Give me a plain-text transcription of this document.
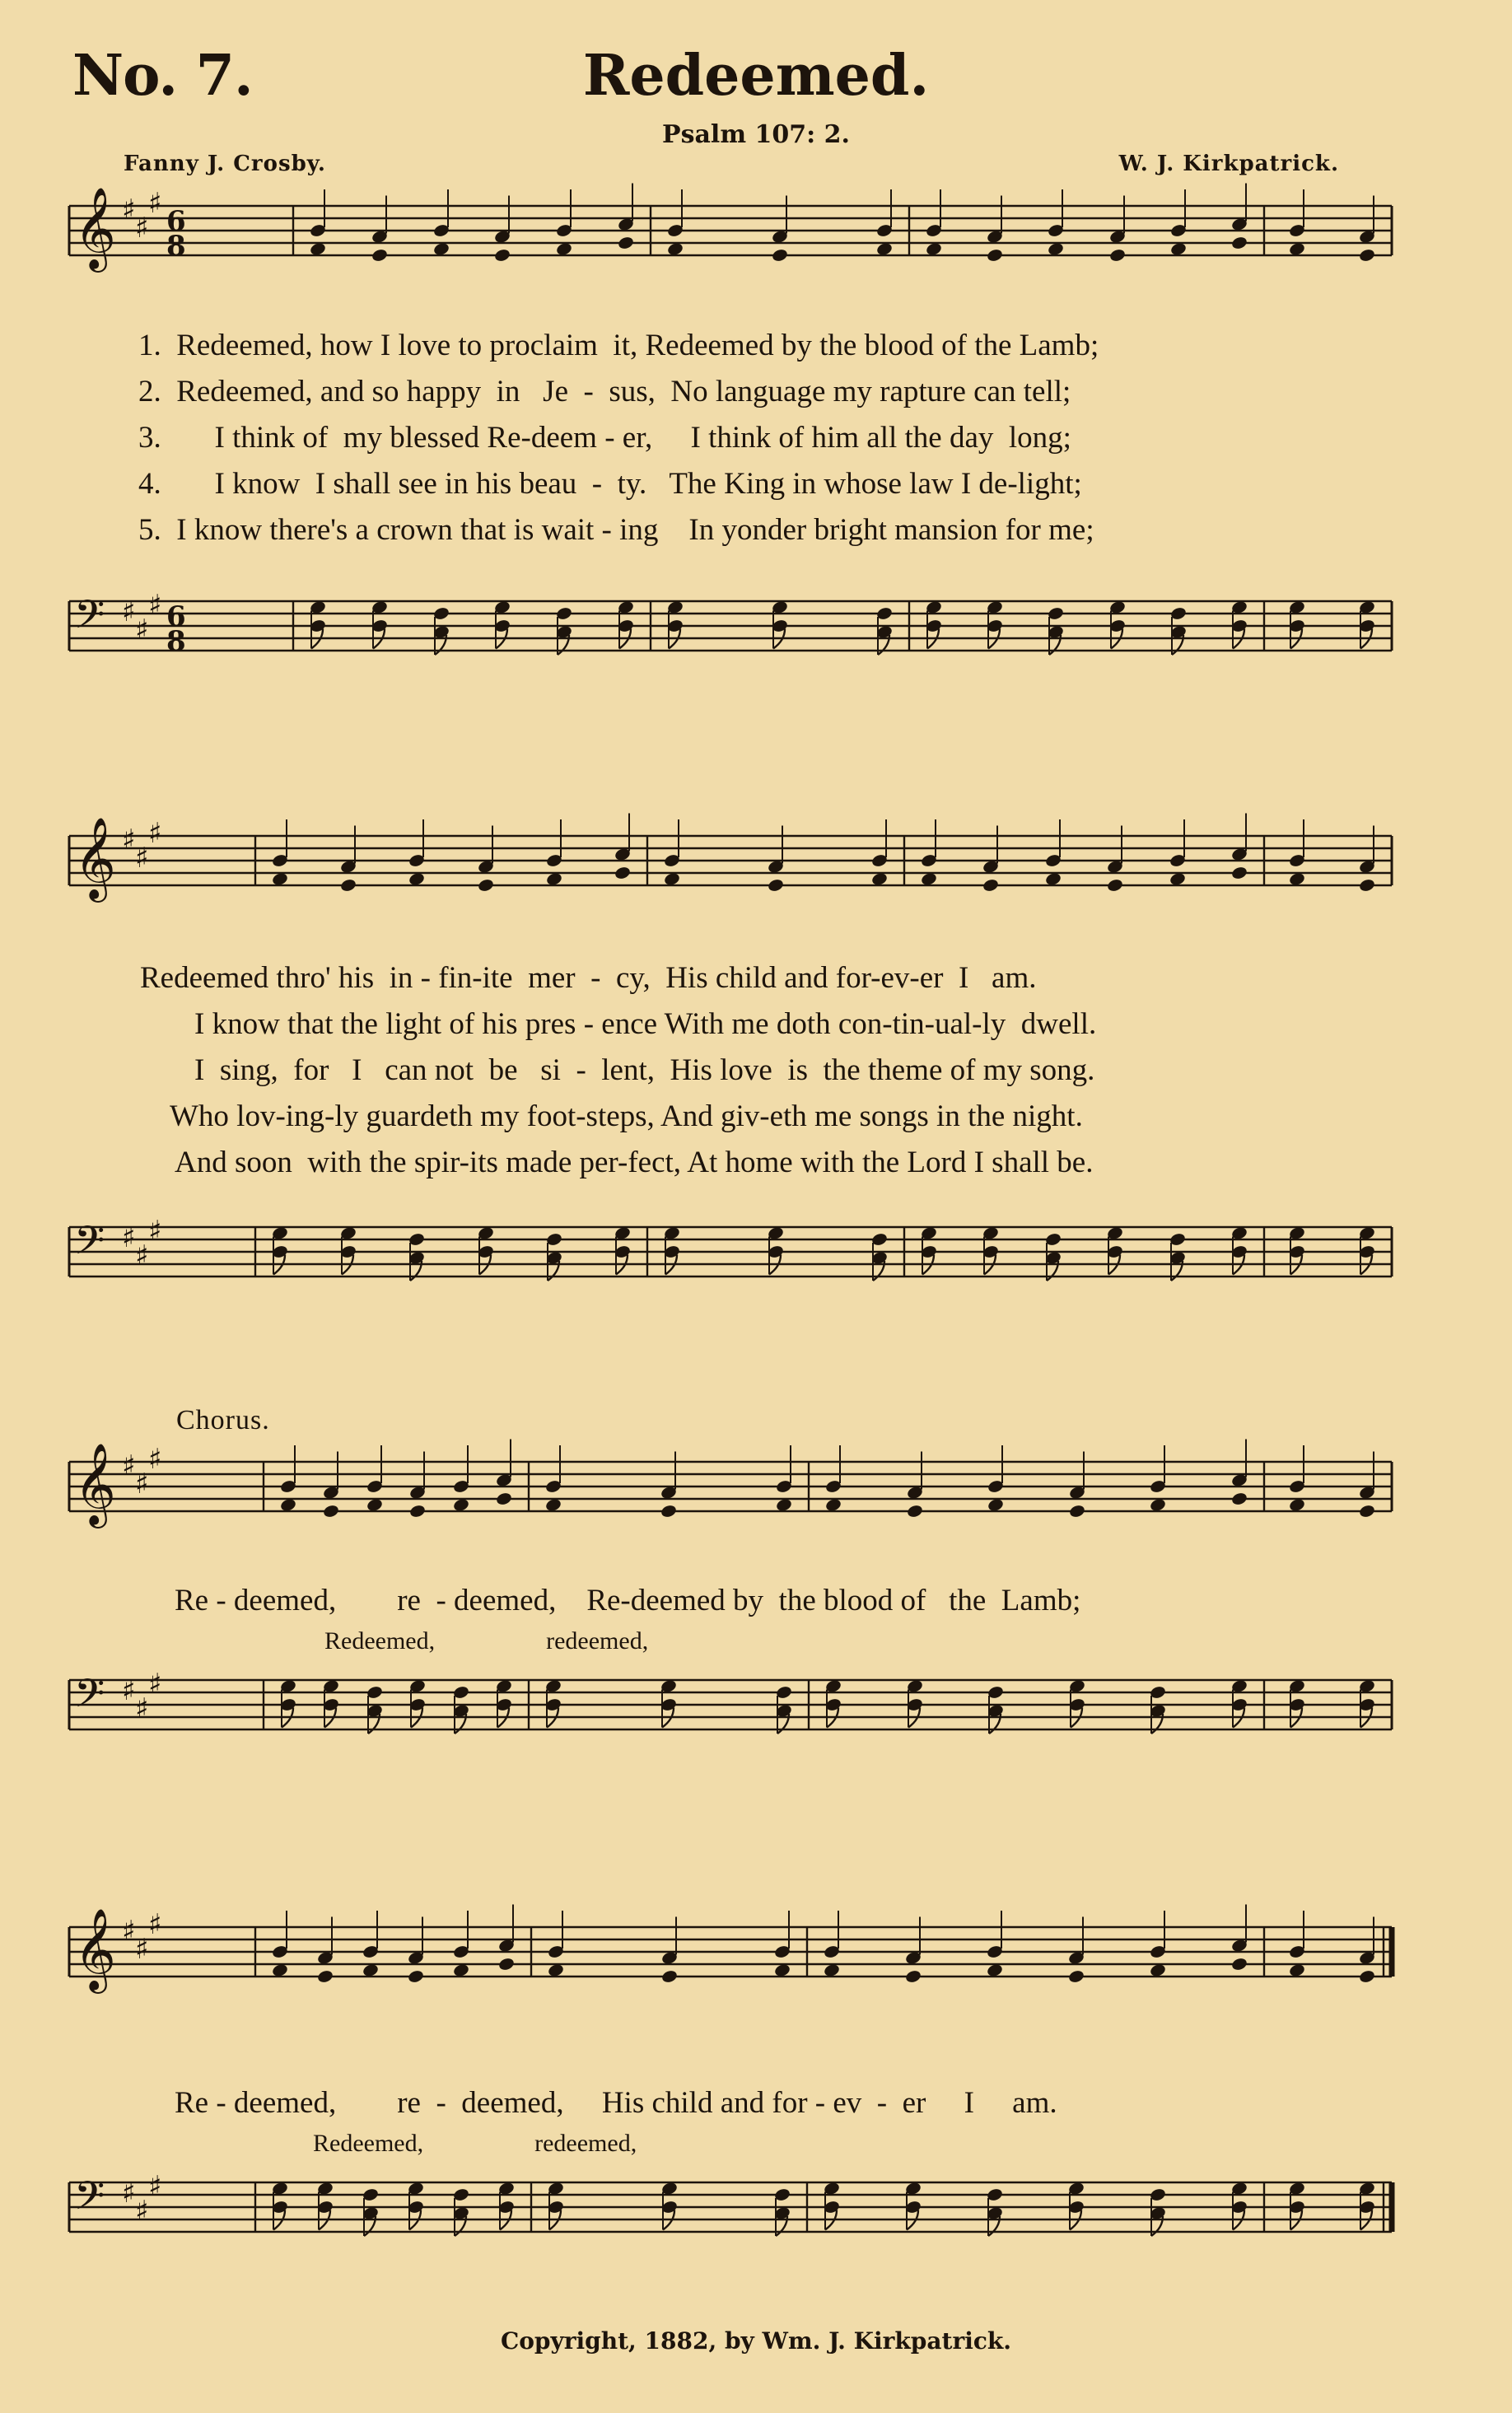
No. 7.	Redeemed.
Psalm 107: 2.
Fanny J. Crosby.	W. J. Kirkpatrick.
𝄞 ♯
♯
♯
6
8
1.  Redeemed, how I love to proclaim  it, Redeemed by the blood of the Lamb;
2.  Redeemed, and so happy  in   Je  -  sus,  No language my rapture can tell;
3.       I think of  my blessed Re-deem - er,     I think of him all the day  long;
4.       I know  I shall see in his beau  -  ty.   The King in whose law I de-light;
5.  I know there's a crown that is wait - ing    In yonder bright mansion for me;
𝄢 ♯
♯
♯ 6
8
𝄞 ♯
♯
♯
Redeemed thro' his  in - fin-ite  mer  -  cy,  His child and for-ev-er  I   am.
I know that the light of his pres - ence With me doth con-tin-ual-ly  dwell.
I  sing,  for   I   can not  be   si  -  lent,  His love  is  the theme of my song.
Who lov-ing-ly guardeth my foot-steps, And giv-eth me songs in the night.
And soon  with the spir-its made per-fect, At home with the Lord I shall be.
𝄢 ♯
♯
♯
Chorus.
𝄞 ♯
♯
♯
Re - deemed,        re  - deemed,    Re-deemed by  the blood of   the  Lamb;
Redeemed,                  redeemed,
𝄢 ♯
♯
♯
𝄞 ♯
♯
♯
Re - deemed,        re  -  deemed,     His child and for - ev  -  er     I     am.
Redeemed,                  redeemed,
𝄢 ♯
♯
♯
Copyright, 1882, by Wm. J. Kirkpatrick.
